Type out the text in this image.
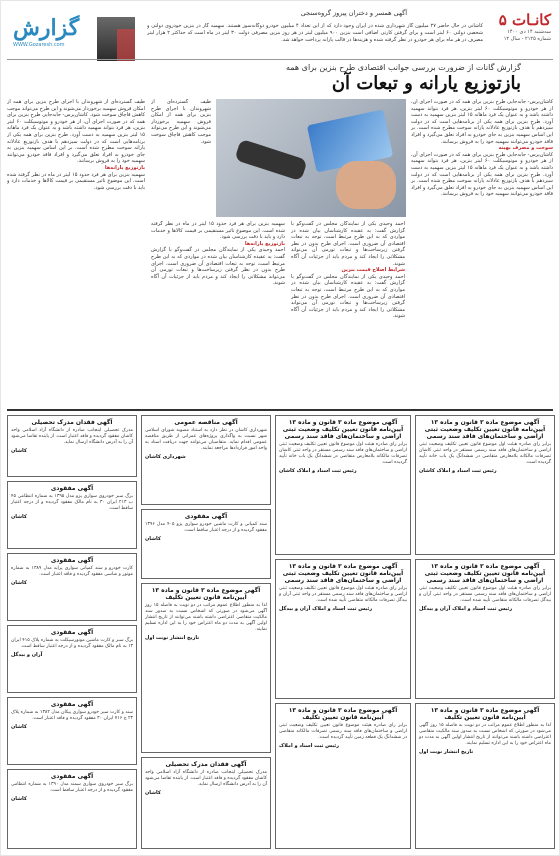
گزارش
WWW.Gozaresh.com
آگهی همسر و دختران پیروز گروه‌سنجی
کاشانی در حال حاضر ۲۷ میلیون گاز شهرداری شده در ایران وجود دارد که از این تعداد ۴ میلیون خودرو دوگانه‌سوز هستند. سهمیه گاز در بنزین خودروی دولتی و شخصی دولتی ۶۰ لیتر است و برای گرفتن کارتی اضافی است بنزین ۹۰۰ میلیون لیتر در هر روز بنزین مصرفی دولت ۳۰ لیتر در ماه است که حداکثر ۲ هزار لیتر مصرف در هر ماه برای هر خودرو در نظر گرفته شده و هزینه‌ها در قالب یارانه پرداخت خواهد شد.
۵ کانـات
سه‌شنبه ۱۴ دی ۱۴۰۰
شماره ۲۱۲۵ - سال ۱۲
گزارش گانات از ضرورت بررسی جوانب اقتصادی طرح بنزین برای همه
بازتوزیع یارانه و تبعات آن
کاشان‌پرس- جابه‌جایی طرح بنزین برای همه که در صورت اجرای آن، از هر خودرو و موتوسیکلت ۶۰ لیتر بنزین، هر فرد بتواند سهمیه داشته باشد و به عنوان یک فرد ماهانه ۱۵ لیتر بنزین سهمیه به دست آورد. طرح بنزین برای همه یکی از برنامه‌هایی است که در دولت سیزدهم با هدف بازتوزیع عادلانه یارانه سوخت مطرح شده است. بر این اساس سهمیه بنزین به جای خودرو به افراد تعلق می‌گیرد و افراد فاقد خودرو می‌توانند سهمیه خود را به فروش برسانند.
سوخت و مصرف بهینه
کاشان‌پرس- جابه‌جایی طرح بنزین برای همه که در صورت اجرای آن، از هر خودرو و موتوسیکلت ۶۰ لیتر بنزین، هر فرد بتواند سهمیه داشته باشد و به عنوان یک فرد ماهانه ۱۵ لیتر بنزین سهمیه به دست آورد. طرح بنزین برای همه یکی از برنامه‌هایی است که در دولت سیزدهم با هدف بازتوزیع عادلانه یارانه سوخت مطرح شده است. بر این اساس سهمیه بنزین به جای خودرو به افراد تعلق می‌گیرد و افراد فاقد خودرو می‌توانند سهمیه خود را به فروش برسانند.
احمد وحیدی یکی از نمایندگان مجلس در گفت‌وگو با گزارش گفت: به عقیده کارشناسان بیان شده در مواردی که به این طرح مرتبط است، توجه به تبعات اقتصادی آن ضروری است. اجرای طرح بدون در نظر گرفتن زیرساخت‌ها و تبعات تورمی آن می‌تواند مشکلاتی را ایجاد کند و مردم باید از جزئیات آن آگاه شوند.
شرایط اصلاح قیمت بنزین
احمد وحیدی یکی از نمایندگان مجلس در گفت‌وگو با گزارش گفت: به عقیده کارشناسان بیان شده در مواردی که به این طرح مرتبط است، توجه به تبعات اقتصادی آن ضروری است. اجرای طرح بدون در نظر گرفتن زیرساخت‌ها و تبعات تورمی آن می‌تواند مشکلاتی را ایجاد کند و مردم باید از جزئیات آن آگاه شوند.
سهمیه بنزین برای هر فرد حدود ۱۵ لیتر در ماه در نظر گرفته شده است. این موضوع تاثیر مستقیمی بر قیمت کالاها و خدمات دارد و باید با دقت بررسی شود.
بازتوزیع یارانه‌ها
احمد وحیدی یکی از نمایندگان مجلس در گفت‌وگو با گزارش گفت: به عقیده کارشناسان بیان شده در مواردی که به این طرح مرتبط است، توجه به تبعات اقتصادی آن ضروری است. اجرای طرح بدون در نظر گرفتن زیرساخت‌ها و تبعات تورمی آن می‌تواند مشکلاتی را ایجاد کند و مردم باید از جزئیات آن آگاه شوند.
طیف گسترده‌ای از شهروندان با اجرای طرح بنزین برای همه از امکان فروش سهمیه برخوردار می‌شوند و این طرح می‌تواند موجب کاهش قاچاق سوخت شود.
طیف گسترده‌ای از شهروندان با اجرای طرح بنزین برای همه از امکان فروش سهمیه برخوردار می‌شوند و این طرح می‌تواند موجب کاهش قاچاق سوخت شود. کاشان‌پرس- جابه‌جایی طرح بنزین برای همه که در صورت اجرای آن، از هر خودرو و موتوسیکلت ۶۰ لیتر بنزین، هر فرد بتواند سهمیه داشته باشد و به عنوان یک فرد ماهانه ۱۵ لیتر بنزین سهمیه به دست آورد. طرح بنزین برای همه یکی از برنامه‌هایی است که در دولت سیزدهم با هدف بازتوزیع عادلانه یارانه سوخت مطرح شده است. بر این اساس سهمیه بنزین به جای خودرو به افراد تعلق می‌گیرد و افراد فاقد خودرو می‌توانند سهمیه خود را به فروش برسانند.
بازتوزیع یارانه‌ها
سهمیه بنزین برای هر فرد حدود ۱۵ لیتر در ماه در نظر گرفته شده است. این موضوع تاثیر مستقیمی بر قیمت کالاها و خدمات دارد و باید با دقت بررسی شود.
آگهی فقدان مدرک تحصیلی
مدرک تحصیلی اینجانب صادره از دانشگاه آزاد اسلامی واحد کاشان مفقود گردیده و فاقد اعتبار است. از یابنده تقاضا می‌شود آن را به آدرس دانشگاه ارسال نماید.
کاشان
آگهی مفقودی
برگ سبز خودروی سواری پژو مدل ۱۳۹۵ به شماره انتظامی ۴۵ ب ۲۱۳ ایران ۳۰ به نام مالک مفقود گردیده و از درجه اعتبار ساقط است.
کاشان
آگهی مفقودی
کارت خودرو و سند کمپانی سواری پراید مدل ۱۳۸۹ به شماره موتور و شاسی مفقود گردیده و فاقد اعتبار است.
کاشان
آگهی مفقودی
برگ سبز و کارت ماشین موتورسیکلت به شماره پلاک ۴۱۵ ایران ۱۳ به نام مالک مفقود گردیده و از درجه اعتبار ساقط است.
آران و بیدگل
آگهی مفقودی
سند و کارت سبز خودرو سواری پیکان مدل ۱۳۸۲ به شماره پلاک ۲۳ ج ۷۱۶ ایران ۳۰ مفقود گردیده و فاقد اعتبار است.
کاشان
آگهی مفقودی
برگ سبز خودروی سواری سمند مدل ۱۳۹۰ به شماره انتظامی مفقود گردیده و از درجه اعتبار ساقط است.
کاشان
آگهی مناقصه عمومی
شهرداری کاشان در نظر دارد به استناد مصوبه شورای اسلامی شهر نسبت به واگذاری پروژه‌های عمرانی از طریق مناقصه عمومی اقدام نماید. متقاضیان می‌توانند جهت دریافت اسناد به واحد امور قراردادها مراجعه نمایند.
شهرداری کاشان
آگهی مفقودی
سند کمپانی و کارت ماشین خودرو سواری پژو ۴۰۵ مدل ۱۳۹۶ مفقود گردیده و از درجه اعتبار ساقط است.
کاشان
آگهی موضوع ماده ۳ قانون و ماده ۱۳ آیین‌نامه قانون تعیین تکلیف
لذا به منظور اطلاع عموم مراتب در دو نوبت به فاصله ۱۵ روز آگهی می‌شود در صورتی که اشخاص نسبت به صدور سند مالکیت متقاضی اعتراضی داشته باشند می‌توانند از تاریخ انتشار اولین آگهی به مدت دو ماه اعتراض خود را به این اداره تسلیم نمایند.
تاریخ انتشار نوبت اول
آگهی فقدان مدرک تحصیلی
مدرک تحصیلی اینجانب صادره از دانشگاه آزاد اسلامی واحد کاشان مفقود گردیده و فاقد اعتبار است. از یابنده تقاضا می‌شود آن را به آدرس دانشگاه ارسال نماید.
کاشان
آگهی موضوع ماده ۳ قانون و ماده ۱۳ آیین‌نامه قانون تعیین تکلیف وضعیت ثبتی اراضی و ساختمان‌های فاقد سند رسمی
برابر رای صادره هیئت اول موضوع قانون تعیین تکلیف وضعیت ثبتی اراضی و ساختمان‌های فاقد سند رسمی مستقر در واحد ثبتی کاشان تصرفات مالکانه بلامعارض متقاضی در ششدانگ یک باب خانه تأیید گردیده است.
رئیس ثبت اسناد و املاک کاشان
آگهی موضوع ماده ۳ قانون و ماده ۱۳ آیین‌نامه قانون تعیین تکلیف وضعیت ثبتی اراضی و ساختمان‌های فاقد سند رسمی
برابر رای صادره هیئت اول موضوع قانون تعیین تکلیف وضعیت ثبتی اراضی و ساختمان‌های فاقد سند رسمی مستقر در واحد ثبتی آران و بیدگل تصرفات مالکانه متقاضی تأیید شده است.
رئیس ثبت اسناد و املاک آران و بیدگل
آگهی موضوع ماده ۳ قانون و ماده ۱۳ آیین‌نامه قانون تعیین تکلیف
برابر رای صادره هیئت موضوع قانون تعیین تکلیف وضعیت ثبتی اراضی و ساختمان‌های فاقد سند رسمی تصرفات مالکانه متقاضی در ششدانگ یک قطعه زمین تأیید گردیده است.
رئیس ثبت اسناد و املاک
آگهی موضوع ماده ۳ قانون و ماده ۱۳ آیین‌نامه قانون تعیین تکلیف وضعیت ثبتی اراضی و ساختمان‌های فاقد سند رسمی
برابر رای صادره هیئت اول موضوع قانون تعیین تکلیف وضعیت ثبتی اراضی و ساختمان‌های فاقد سند رسمی مستقر در واحد ثبتی کاشان تصرفات مالکانه بلامعارض متقاضی در ششدانگ یک باب خانه تأیید گردیده است.
رئیس ثبت اسناد و املاک کاشان
آگهی موضوع ماده ۳ قانون و ماده ۱۳ آیین‌نامه قانون تعیین تکلیف وضعیت ثبتی اراضی و ساختمان‌های فاقد سند رسمی
برابر رای صادره هیئت اول موضوع قانون تعیین تکلیف وضعیت ثبتی اراضی و ساختمان‌های فاقد سند رسمی مستقر در واحد ثبتی آران و بیدگل تصرفات مالکانه متقاضی تأیید شده است.
رئیس ثبت اسناد و املاک آران و بیدگل
آگهی موضوع ماده ۳ قانون و ماده ۱۳ آیین‌نامه قانون تعیین تکلیف
لذا به منظور اطلاع عموم مراتب در دو نوبت به فاصله ۱۵ روز آگهی می‌شود در صورتی که اشخاص نسبت به صدور سند مالکیت متقاضی اعتراضی داشته باشند می‌توانند از تاریخ انتشار اولین آگهی به مدت دو ماه اعتراض خود را به این اداره تسلیم نمایند.
تاریخ انتشار نوبت اول
